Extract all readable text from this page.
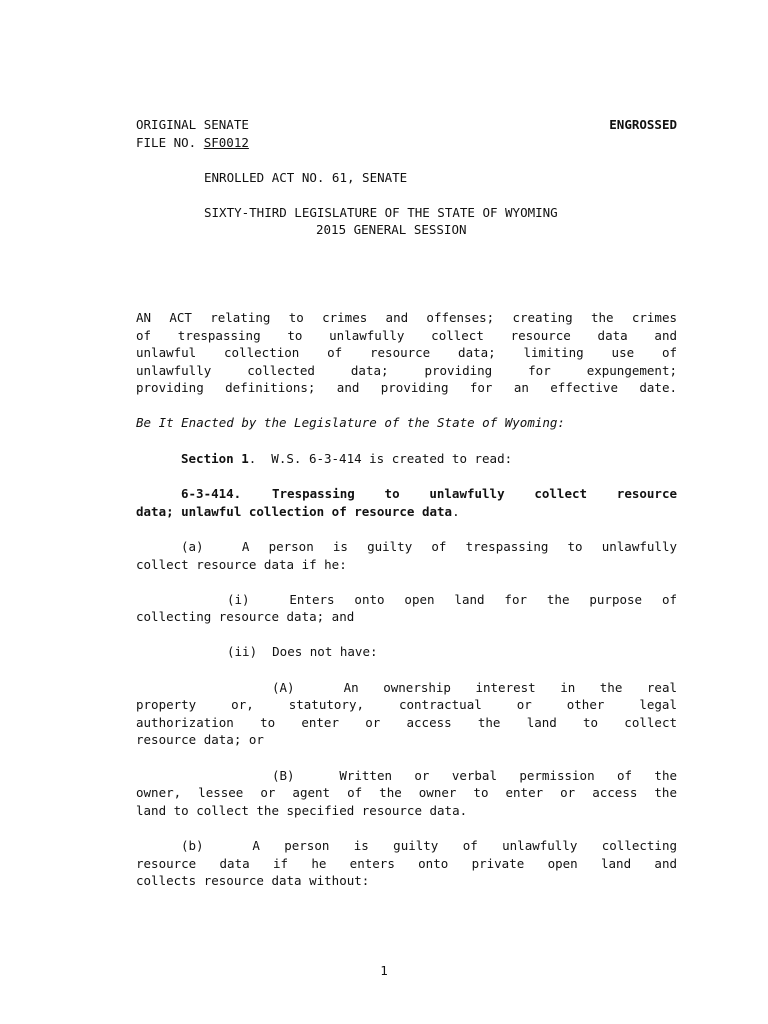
ORIGINAL SENATE	ENGROSSED
FILE NO. SF0012
ENROLLED ACT NO. 61, SENATE
SIXTY-THIRD LEGISLATURE OF THE STATE OF WYOMING
2015 GENERAL SESSION
AN ACT relating to crimes and offenses; creating the crimes
of trespassing to unlawfully collect resource data and
unlawful collection of resource data; limiting use of
unlawfully collected data; providing for expungement;
providing definitions; and providing for an effective date.
Be It Enacted by the Legislature of the State of Wyoming:
Section 1.  W.S. 6-3-414 is created to read:
6-3-414. Trespassing to unlawfully collect resource
data; unlawful collection of resource data.
(a)  A person is guilty of trespassing to unlawfully
collect resource data if he:
(i)  Enters onto open land for the purpose of
collecting resource data; and
(ii)  Does not have:
(A)  An ownership interest in the real
property or, statutory, contractual or other legal
authorization to enter or access the land to collect
resource data; or
(B)  Written or verbal permission of the
owner, lessee or agent of the owner to enter or access the
land to collect the specified resource data.
(b)  A person is guilty of unlawfully collecting
resource data if he enters onto private open land and
collects resource data without:
1
